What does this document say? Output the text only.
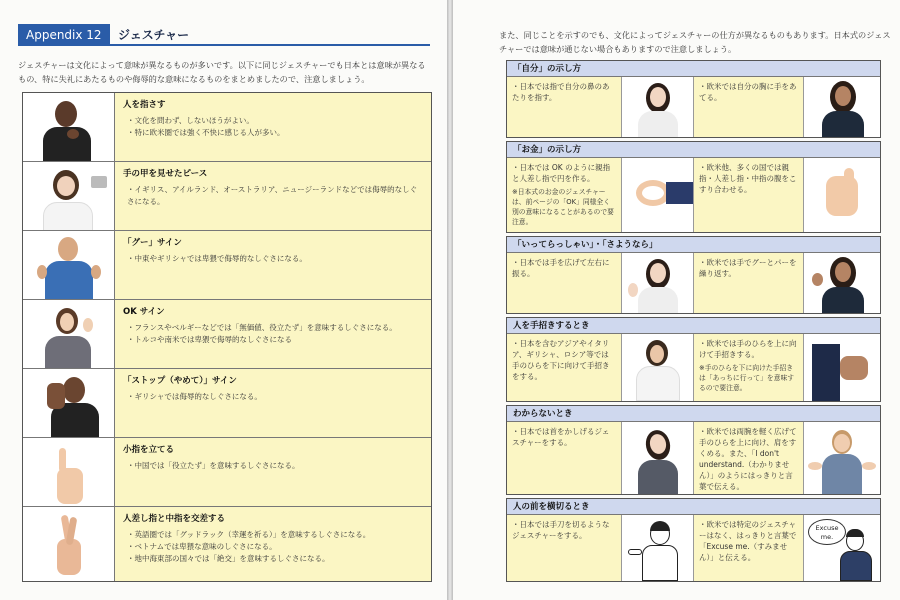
Appendix 12	ジェスチャー
ジェスチャーは文化によって意味が異なるものが多いです。以下に同じジェスチャーでも日本とは意味が異なるもの、特に失礼にあたるものや侮辱的な意味になるものをまとめましたので、注意しましょう。
人を指さす
・文化を問わず、しないほうがよい。
・特に欧米圏では強く不快に感じる人が多い。
手の甲を見せたピース
・イギリス、アイルランド、オーストラリア、ニュージーランドなどでは侮辱的なしぐさになる。
「グー」サイン
・中東やギリシャでは卑猥で侮辱的なしぐさになる。
OK サイン
・フランスやベルギーなどでは「無価値、役立たず」を意味するしぐさになる。
・トルコや南米では卑猥で侮辱的なしぐさになる
「ストップ（やめて）」サイン
・ギリシャでは侮辱的なしぐさになる。
小指を立てる
・中国では「役立たず」を意味するしぐさになる。
人差し指と中指を交差する
・英語圏では「グッドラック（幸運を祈る）」を意味するしぐさになる。
・ベトナムでは卑猥な意味のしぐさになる。
・地中海東部の国々では「絶交」を意味するしぐさになる。
また、同じことを示すのでも、文化によってジェスチャーの仕方が異なるものもあります。日本式のジェスチャーでは意味が通じない場合もありますので注意しましょう。
「自分」の示し方
・日本では指で自分の鼻のあたりを指す。
・欧米では自分の胸に手をあてる。
「お金」の示し方
・日本では OK のように親指と人差し指で円を作る。
※日本式のお金のジェスチャーは、前ページの「OK」同様全く別の意味になることがあるので要注意。
・欧米他、多くの国では親指・人差し指・中指の腹をこすり合わせる。
「いってらっしゃい」・「さようなら」
・日本では手を広げて左右に振る。
・欧米では手でグーとパーを繰り返す。
人を手招きするとき
・日本を含むアジアやイタリア、ギリシャ、ロシア等では手のひらを下に向けて手招きをする。
・欧米では手のひらを上に向けて手招きする。
※手のひらを下に向けた手招きは「あっちに行って」を意味するので要注意。
わからないとき
・日本では首をかしげるジェスチャーをする。
・欧米では両腕を軽く広げて手のひらを上に向け、肩をすくめる。また、「I don't understand.（わかりません）」のようにはっきりと言葉で伝える。
人の前を横切るとき
・日本では手刀を切るようなジェスチャーをする。
・欧米では特定のジェスチャーはなく、はっきりと言葉で「Excuse me.（すみません）」と伝える。
Excuse me.
